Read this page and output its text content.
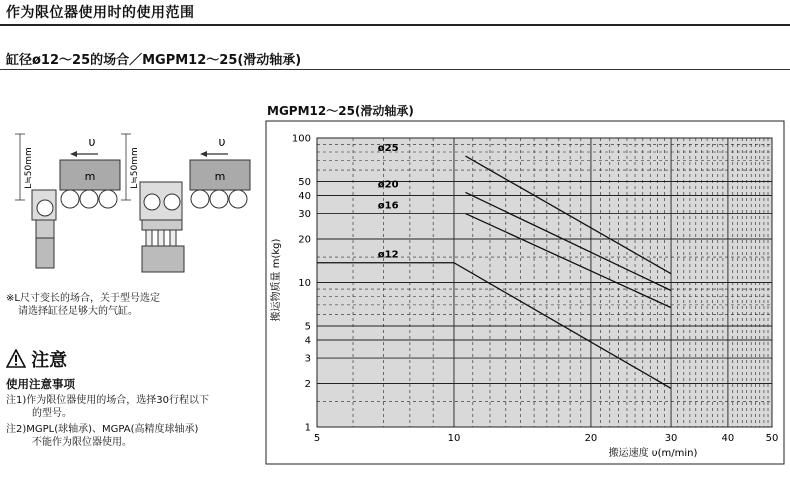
作为限位器使用时的使用范围
缸径ø12～25的场合／MGPM12～25(滑动轴承)
L≒50mm	m
υ
L≒50mm	m
υ
※L尺寸变长的场合，关于型号选定
请选择缸径足够大的气缸。
注意
使用注意事项
注1)作为限位器使用的场合，选择30行程以下
的型号。
注2)MGPL(球轴承)、MGPA(高精度球轴承)
不能作为限位器使用。
MGPM12～25(滑动轴承)
5	10	20	30	40	50
1
2
3
4
5
10
20
30
40
50
100
ø25
ø20
ø16
ø12
搬运速度 υ(m/min)
搬运物质量 m(kg)
